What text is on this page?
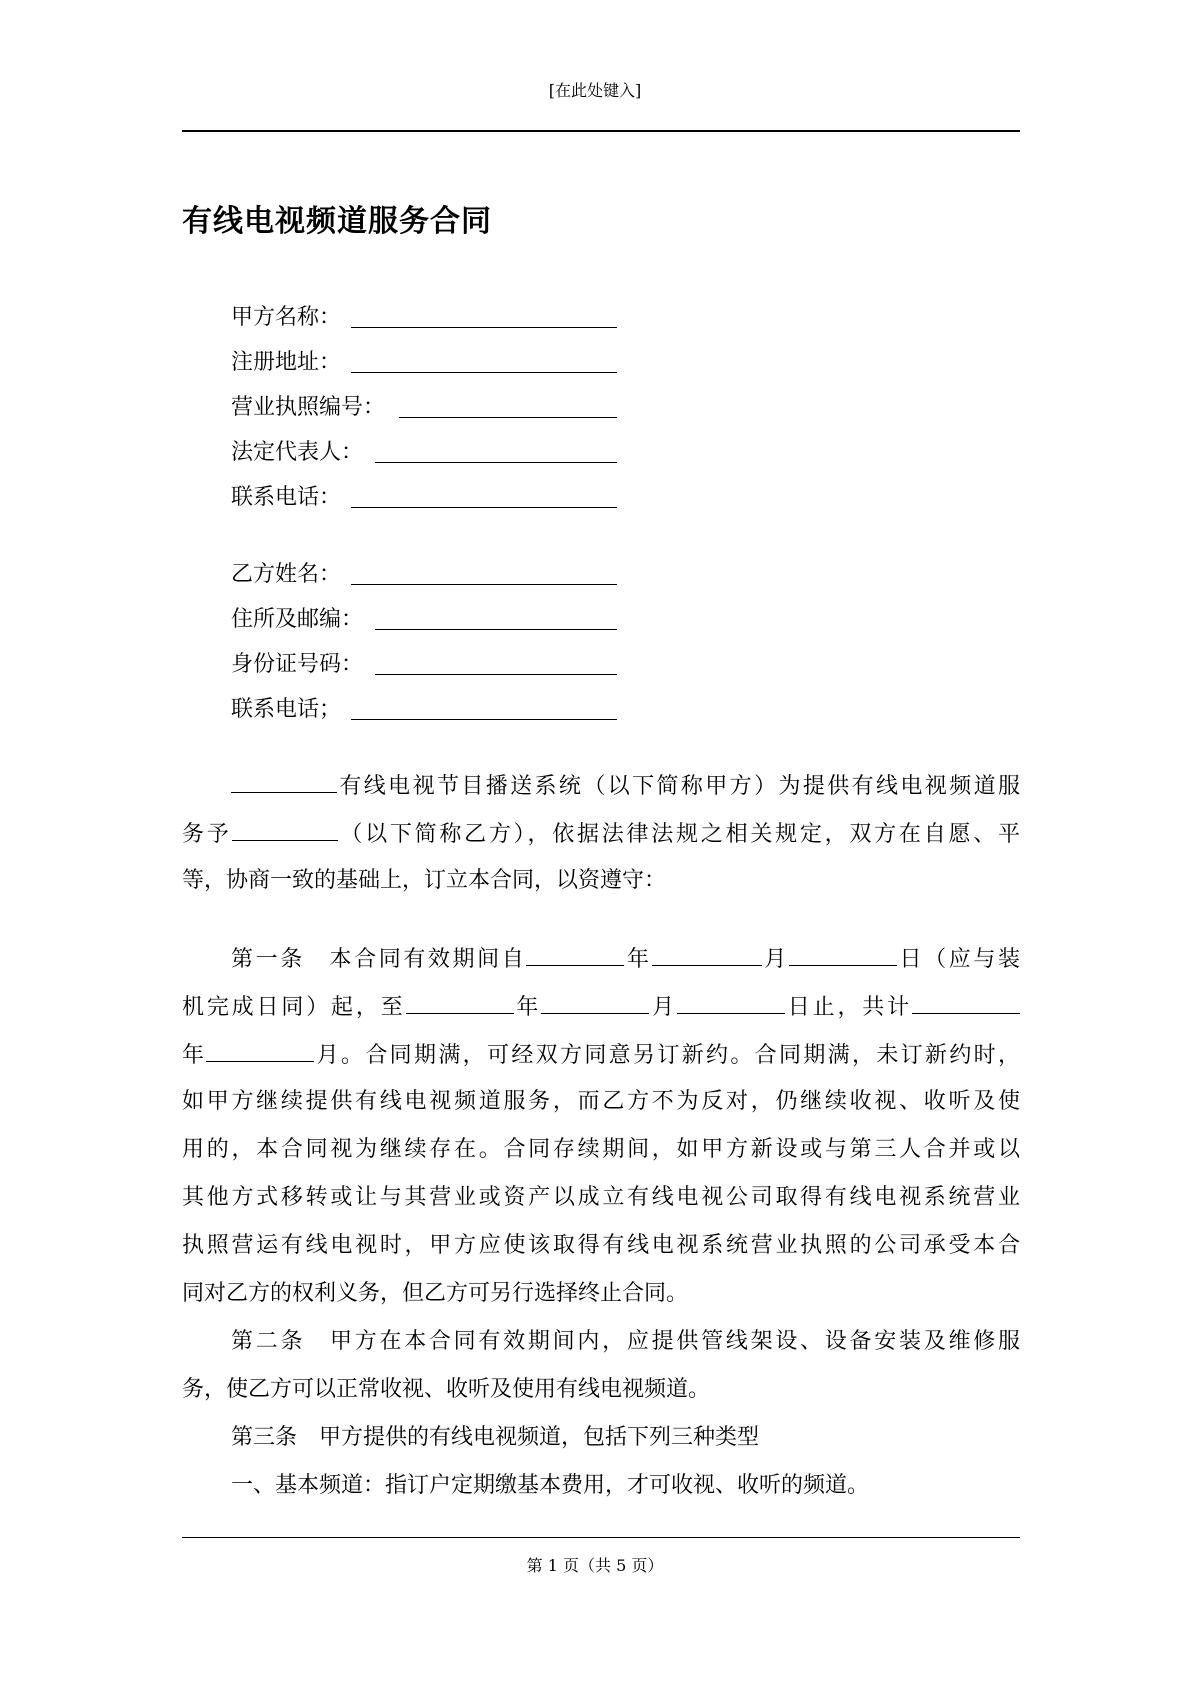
[在此处键入]
有线电视频道服务合同
甲方名称：
注册地址：
营业执照编号：
法定代表人：
联系电话：
乙方姓名：
住所及邮编：
身份证号码：
联系电话；
有线电视节目播送系统（以下简称甲方）为提供有线电视频道服
务予	（以下简称乙方），依据法律法规之相关规定，双方在自愿、平
等，协商一致的基础上，订立本合同，以资遵守：
第一条　本合同有效期间自	年	月	日（应与装
机完成日同）起，至	年	月	日止，共计
年	月。合同期满，可经双方同意另订新约。合同期满，未订新约时，
如甲方继续提供有线电视频道服务，而乙方不为反对，仍继续收视、收听及使
用的，本合同视为继续存在。合同存续期间，如甲方新设或与第三人合并或以
其他方式移转或让与其营业或资产以成立有线电视公司取得有线电视系统营业
执照营运有线电视时，甲方应使该取得有线电视系统营业执照的公司承受本合
同对乙方的权利义务，但乙方可另行选择终止合同。
第二条　甲方在本合同有效期间内，应提供管线架设、设备安装及维修服
务，使乙方可以正常收视、收听及使用有线电视频道。
第三条　甲方提供的有线电视频道，包括下列三种类型
一、基本频道：指订户定期缴基本费用，才可收视、收听的频道。
第 1 页（共 5 页）
